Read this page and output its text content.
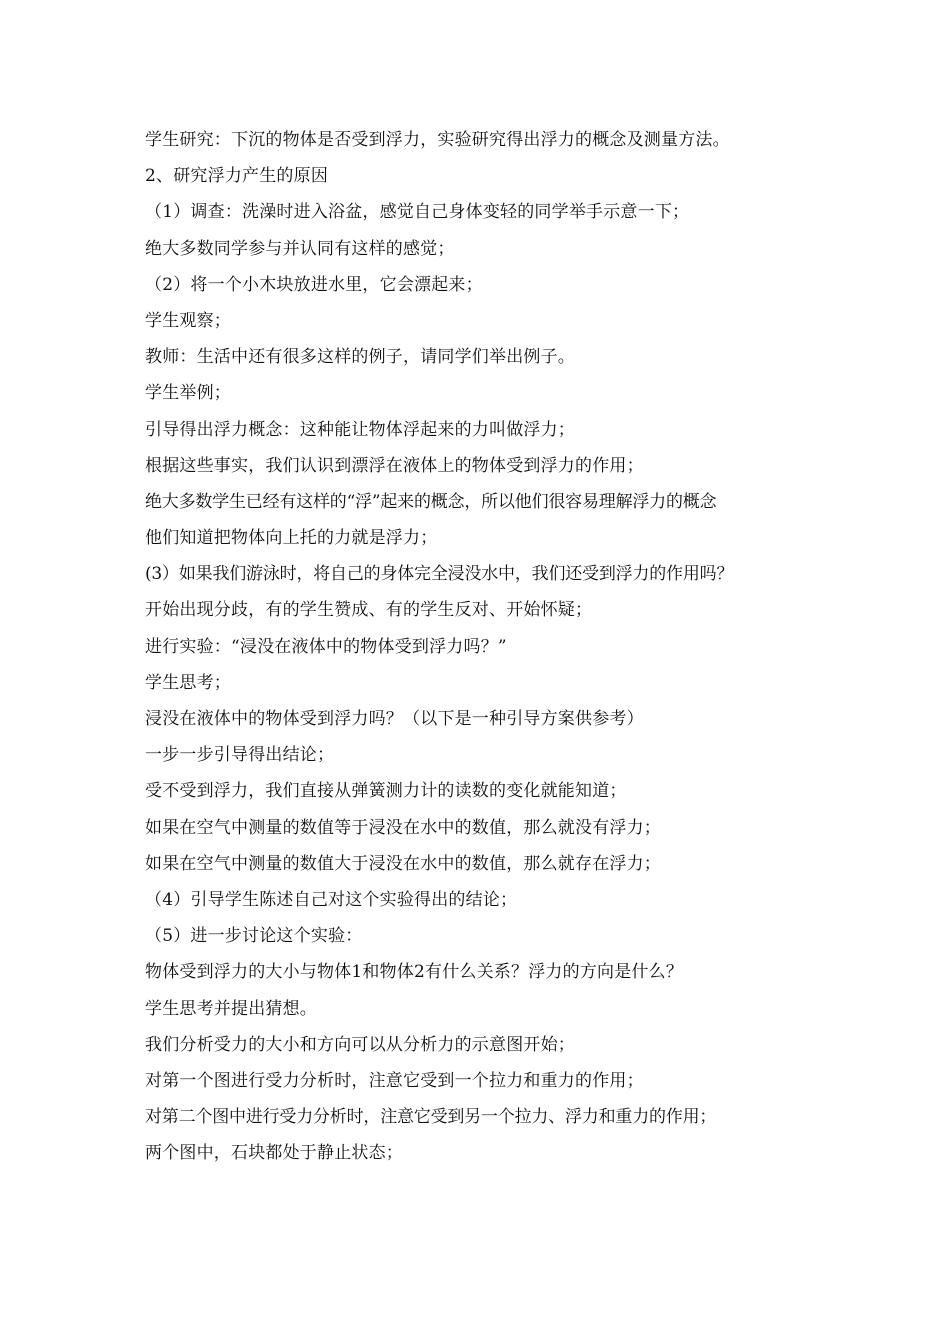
学生研究：下沉的物体是否受到浮力，实验研究得出浮力的概念及测量方法。
2、研究浮力产生的原因
（1）调查：洗澡时进入浴盆，感觉自己身体变轻的同学举手示意一下；
绝大多数同学参与并认同有这样的感觉；
（2）将一个小木块放进水里，它会漂起来；
学生观察；
教师：生活中还有很多这样的例子，请同学们举出例子。
学生举例；
引导得出浮力概念：这种能让物体浮起来的力叫做浮力；
根据这些事实，我们认识到漂浮在液体上的物体受到浮力的作用；
绝大多数学生已经有这样的“浮”起来的概念，所以他们很容易理解浮力的概念
他们知道把物体向上托的力就是浮力；
(3）如果我们游泳时，将自己的身体完全浸没水中，我们还受到浮力的作用吗？
开始出现分歧，有的学生赞成、有的学生反对、开始怀疑；
进行实验：“浸没在液体中的物体受到浮力吗？”
学生思考；
浸没在液体中的物体受到浮力吗？（以下是一种引导方案供参考）
一步一步引导得出结论；
受不受到浮力，我们直接从弹簧测力计的读数的变化就能知道；
如果在空气中测量的数值等于浸没在水中的数值，那么就没有浮力；
如果在空气中测量的数值大于浸没在水中的数值，那么就存在浮力；
（4）引导学生陈述自己对这个实验得出的结论；
（5）进一步讨论这个实验：
物体受到浮力的大小与物体1和物体2有什么关系？浮力的方向是什么？
学生思考并提出猜想。
我们分析受力的大小和方向可以从分析力的示意图开始；
对第一个图进行受力分析时，注意它受到一个拉力和重力的作用；
对第二个图中进行受力分析时，注意它受到另一个拉力、浮力和重力的作用；
两个图中，石块都处于静止状态；
